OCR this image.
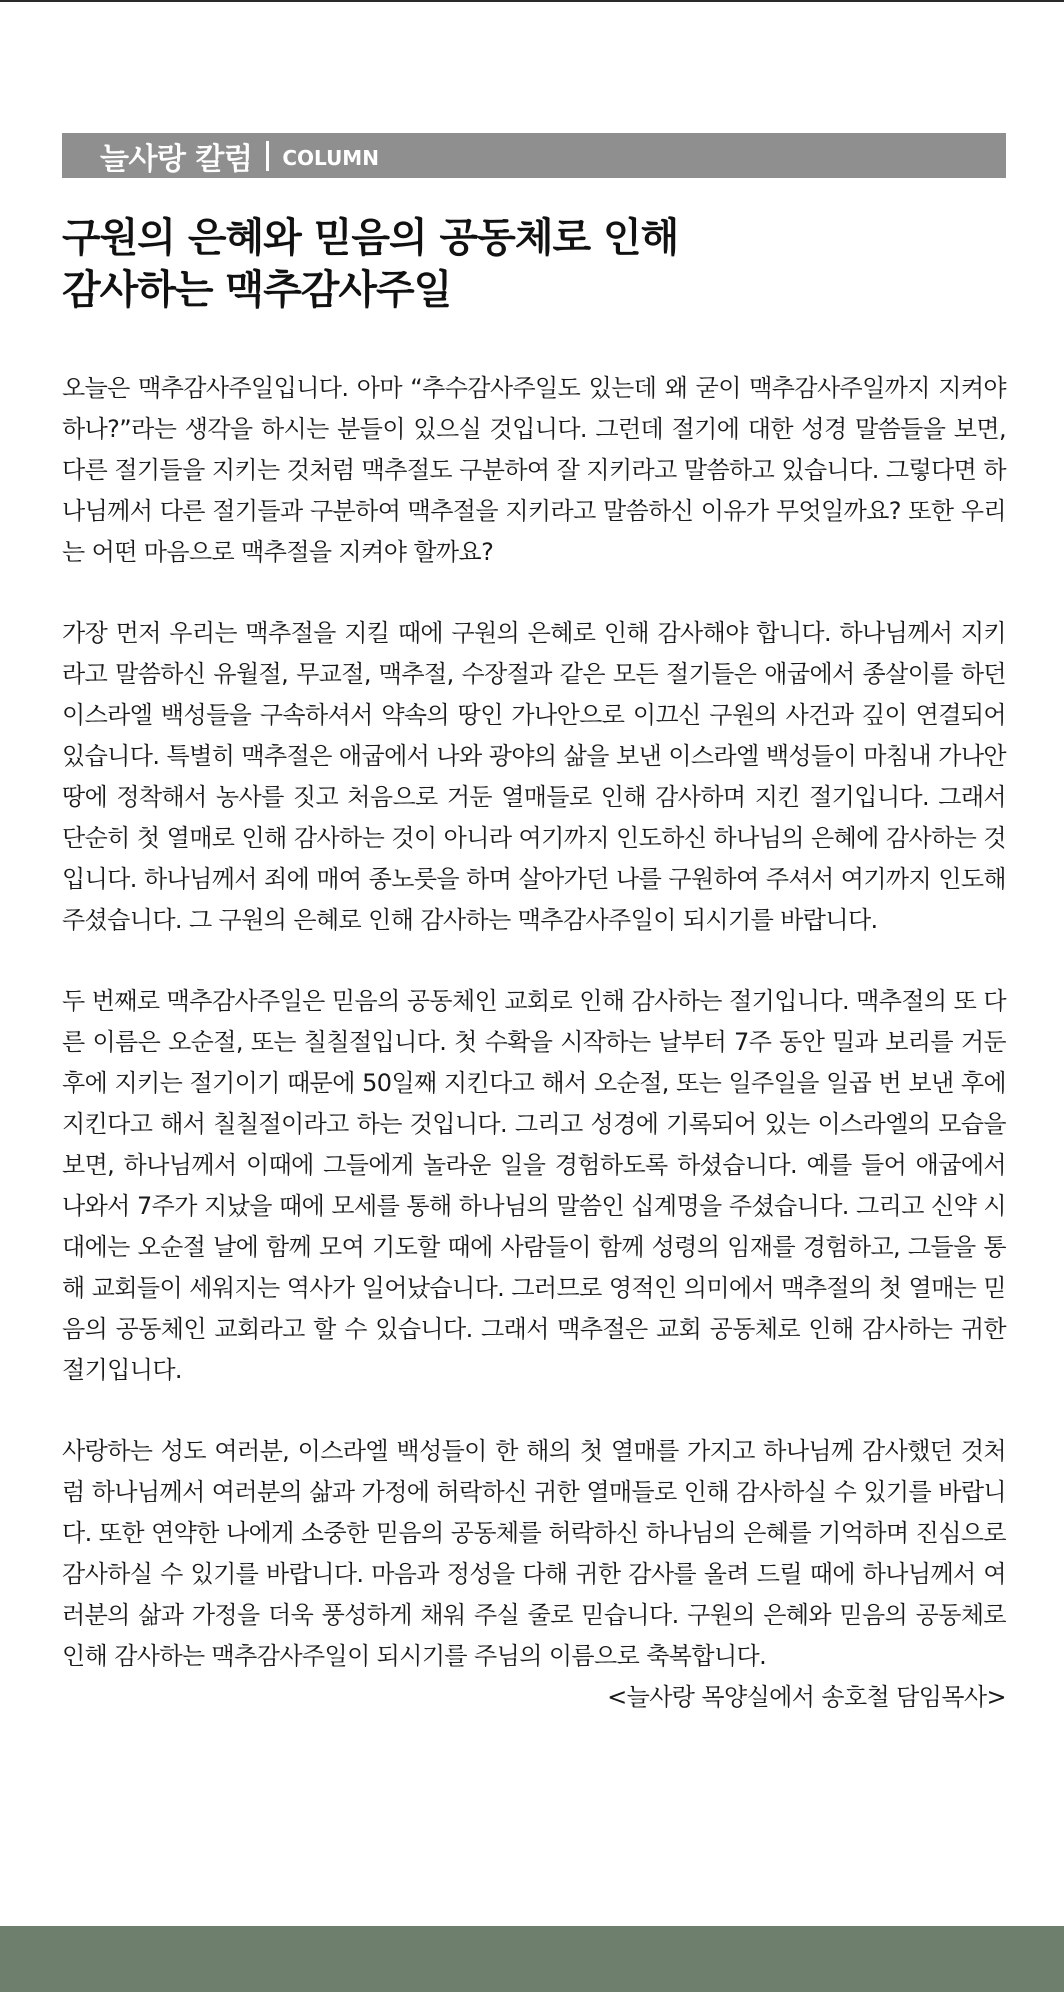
늘사랑 칼럼 COLUMN
구원의 은혜와 믿음의 공동체로 인해
감사하는 맥추감사주일

오늘은 맥추감사주일입니다. 아마 “추수감사주일도 있는데 왜 굳이 맥추감사주일까지 지켜야 하나?”라는 생각을 하시는 분들이 있으실 것입니다. 그런데 절기에 대한 성경 말씀들을 보면, 다른 절기들을 지키는 것처럼 맥추절도 구분하여 잘 지키라고 말씀하고 있습니다. 그렇다면 하나님께서 다른 절기들과 구분하여 맥추절을 지키라고 말씀하신 이유가 무엇일까요? 또한 우리는 어떤 마음으로 맥추절을 지켜야 할까요?

가장 먼저 우리는 맥추절을 지킬 때에 구원의 은혜로 인해 감사해야 합니다. 하나님께서 지키라고 말씀하신 유월절, 무교절, 맥추절, 수장절과 같은 모든 절기들은 애굽에서 종살이를 하던 이스라엘 백성들을 구속하셔서 약속의 땅인 가나안으로 이끄신 구원의 사건과 깊이 연결되어 있습니다. 특별히 맥추절은 애굽에서 나와 광야의 삶을 보낸 이스라엘 백성들이 마침내 가나안 땅에 정착해서 농사를 짓고 처음으로 거둔 열매들로 인해 감사하며 지킨 절기입니다. 그래서 단순히 첫 열매로 인해 감사하는 것이 아니라 여기까지 인도하신 하나님의 은혜에 감사하는 것입니다. 하나님께서 죄에 매여 종노릇을 하며 살아가던 나를 구원하여 주셔서 여기까지 인도해 주셨습니다. 그 구원의 은혜로 인해 감사하는 맥추감사주일이 되시기를 바랍니다.

두 번째로 맥추감사주일은 믿음의 공동체인 교회로 인해 감사하는 절기입니다. 맥추절의 또 다른 이름은 오순절, 또는 칠칠절입니다. 첫 수확을 시작하는 날부터 7주 동안 밀과 보리를 거둔 후에 지키는 절기이기 때문에 50일째 지킨다고 해서 오순절, 또는 일주일을 일곱 번 보낸 후에 지킨다고 해서 칠칠절이라고 하는 것입니다. 그리고 성경에 기록되어 있는 이스라엘의 모습을 보면, 하나님께서 이때에 그들에게 놀라운 일을 경험하도록 하셨습니다. 예를 들어 애굽에서 나와서 7주가 지났을 때에 모세를 통해 하나님의 말씀인 십계명을 주셨습니다. 그리고 신약 시대에는 오순절 날에 함께 모여 기도할 때에 사람들이 함께 성령의 임재를 경험하고, 그들을 통해 교회들이 세워지는 역사가 일어났습니다. 그러므로 영적인 의미에서 맥추절의 첫 열매는 믿음의 공동체인 교회라고 할 수 있습니다. 그래서 맥추절은 교회 공동체로 인해 감사하는 귀한 절기입니다.

사랑하는 성도 여러분, 이스라엘 백성들이 한 해의 첫 열매를 가지고 하나님께 감사했던 것처럼 하나님께서 여러분의 삶과 가정에 허락하신 귀한 열매들로 인해 감사하실 수 있기를 바랍니다. 또한 연약한 나에게 소중한 믿음의 공동체를 허락하신 하나님의 은혜를 기억하며 진심으로 감사하실 수 있기를 바랍니다. 마음과 정성을 다해 귀한 감사를 올려 드릴 때에 하나님께서 여러분의 삶과 가정을 더욱 풍성하게 채워 주실 줄로 믿습니다. 구원의 은혜와 믿음의 공동체로 인해 감사하는 맥추감사주일이 되시기를 주님의 이름으로 축복합니다.

<늘사랑 목양실에서 송호철 담임목사>
